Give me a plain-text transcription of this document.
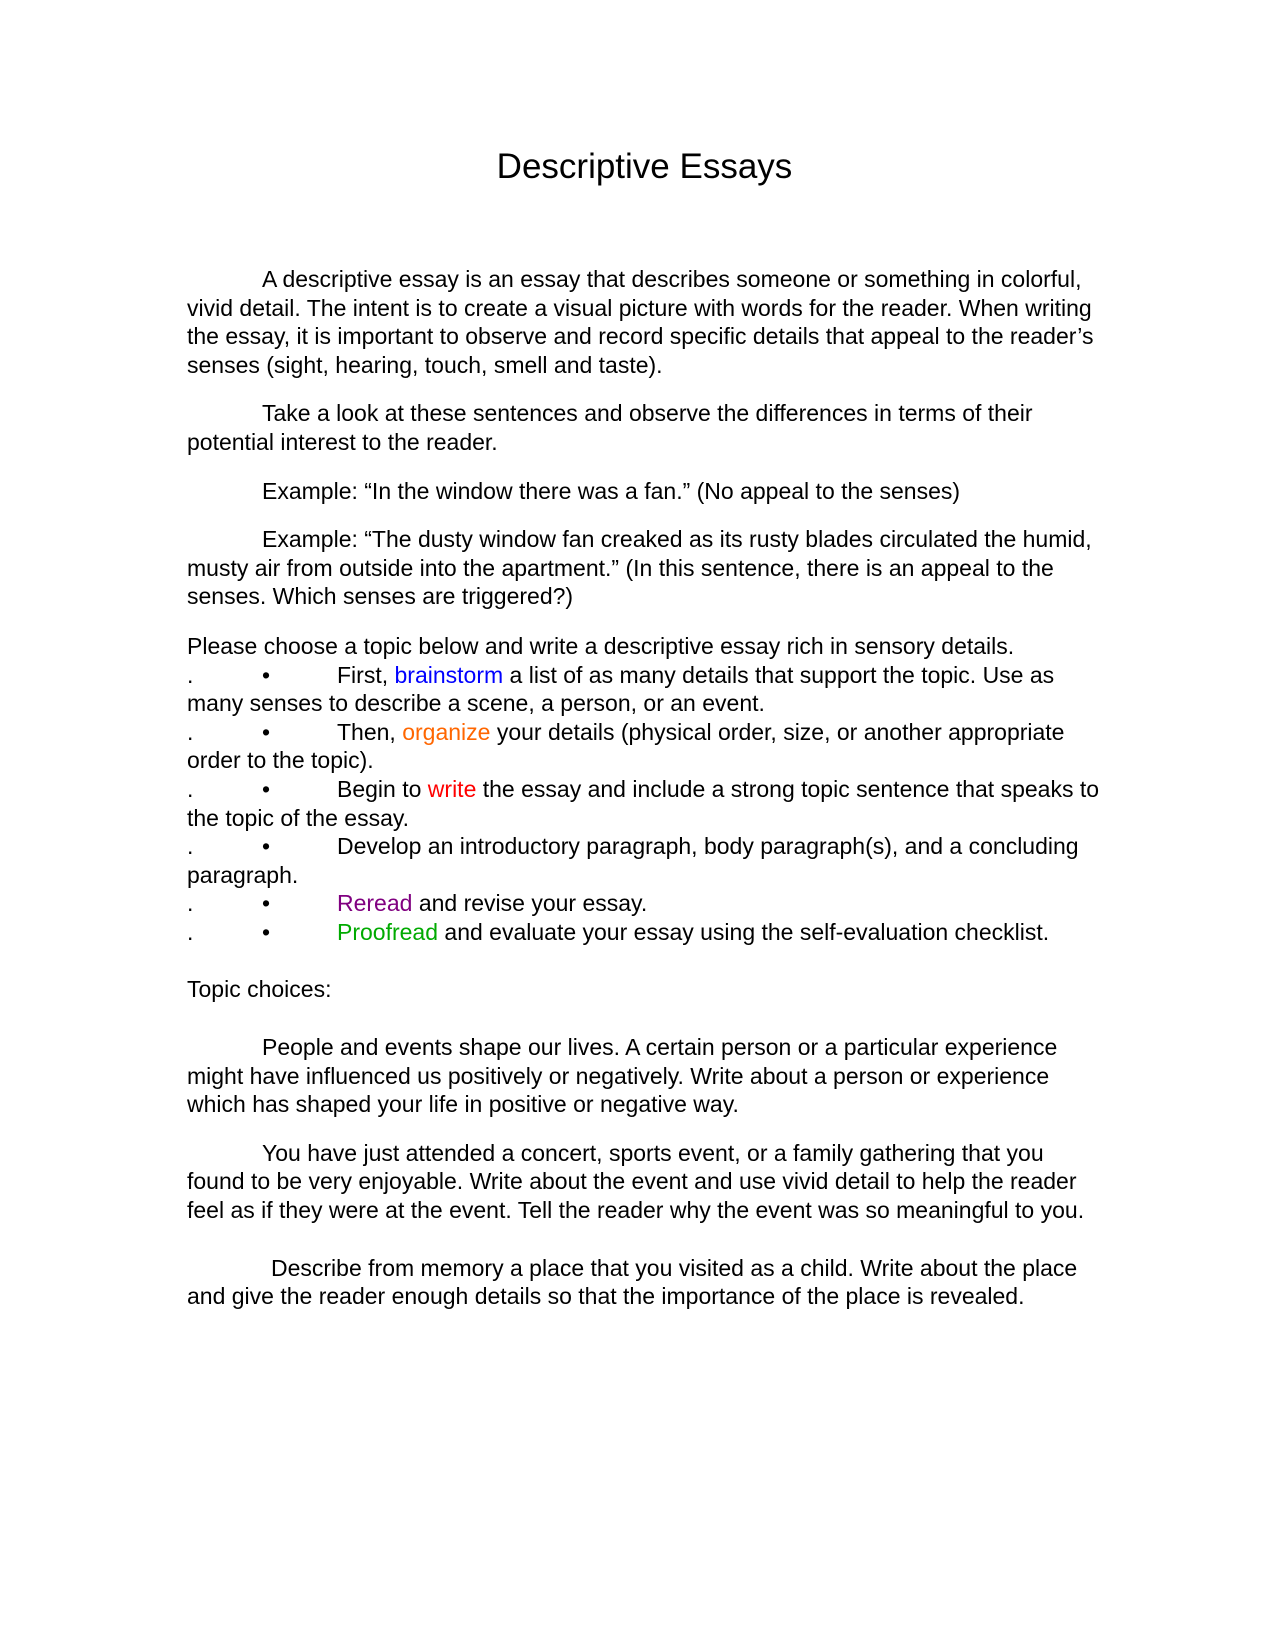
Descriptive Essays

A descriptive essay is an essay that describes someone or something in colorful, vivid detail. The intent is to create a visual picture with words for the reader. When writing the essay, it is important to observe and record specific details that appeal to the reader’s senses (sight, hearing, touch, smell and taste).

Take a look at these sentences and observe the differences in terms of their potential interest to the reader.

Example: “In the window there was a fan.” (No appeal to the senses)

Example: “The dusty window fan creaked as its rusty blades circulated the humid, musty air from outside into the apartment.” (In this sentence, there is an appeal to the senses. Which senses are triggered?)

Please choose a topic below and write a descriptive essay rich in sensory details.

.	•	First, brainstorm a list of as many details that support the topic. Use as many senses to describe a scene, a person, or an event.
.	•	Then, organize your details (physical order, size, or another appropriate order to the topic).
.	•	Begin to write the essay and include a strong topic sentence that speaks to the topic of the essay.
.	•	Develop an introductory paragraph, body paragraph(s), and a concluding paragraph.
.	•	Reread and revise your essay.
.	•	Proofread and evaluate your essay using the self-evaluation checklist.

Topic choices:

People and events shape our lives. A certain person or a particular experience might have influenced us positively or negatively. Write about a person or experience which has shaped your life in positive or negative way.

You have just attended a concert, sports event, or a family gathering that you found to be very enjoyable. Write about the event and use vivid detail to help the reader feel as if they were at the event. Tell the reader why the event was so meaningful to you.

Describe from memory a place that you visited as a child. Write about the place and give the reader enough details so that the importance of the place is revealed.
